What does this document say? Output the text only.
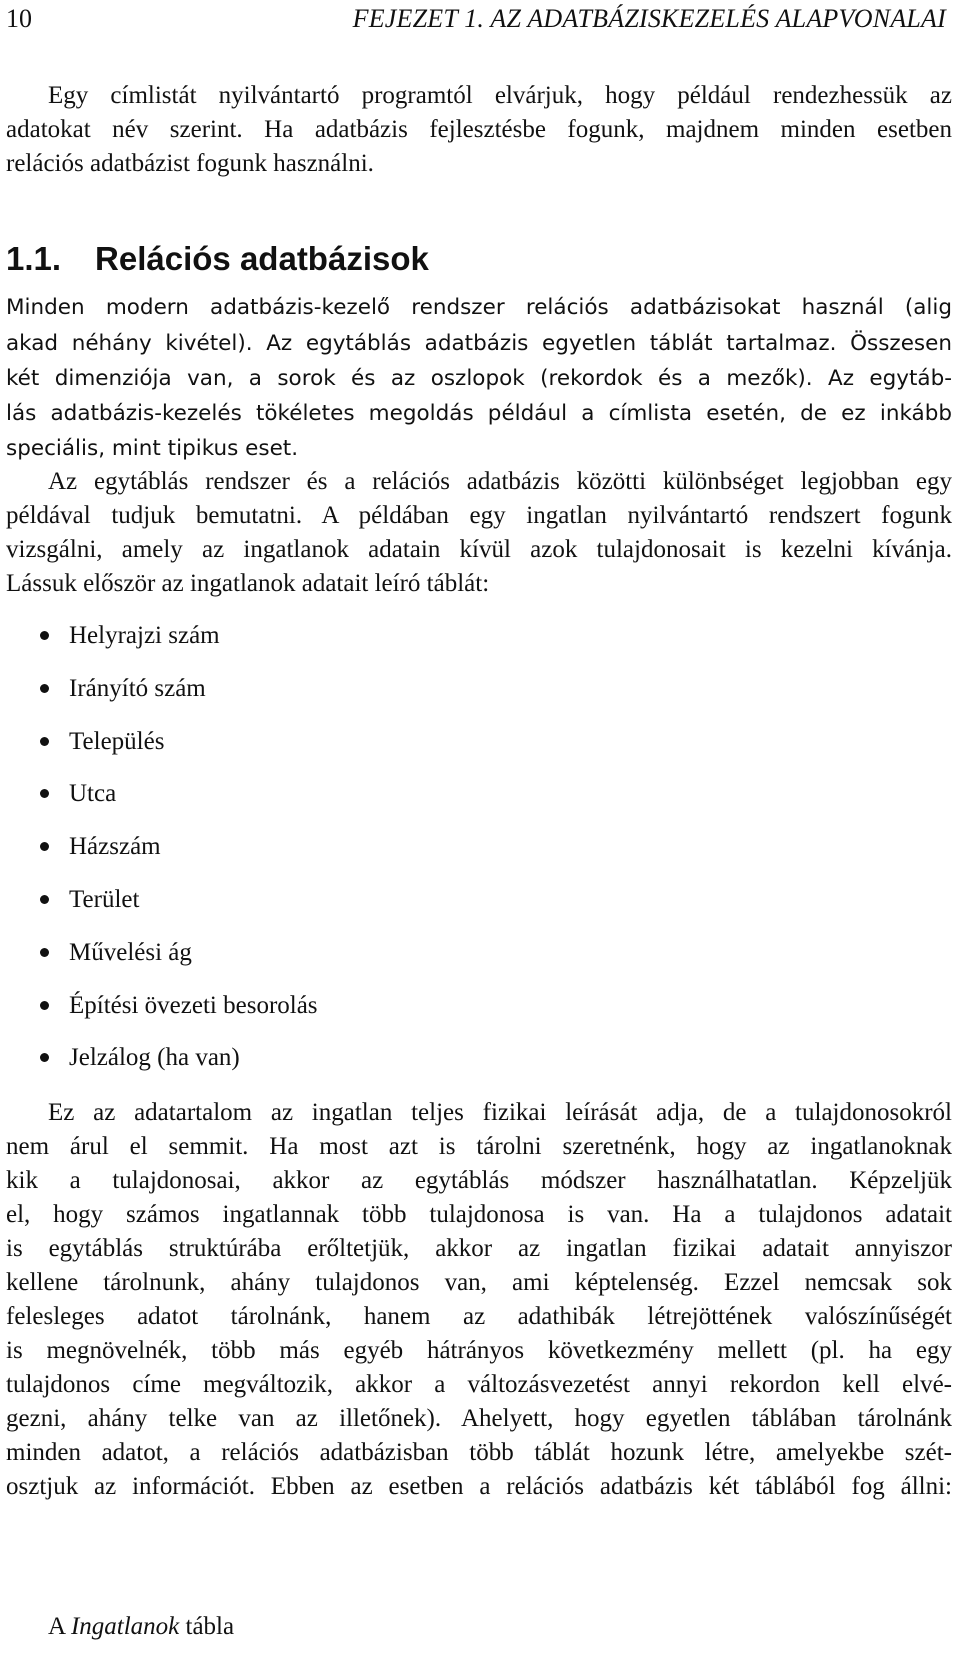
10	FEJEZET 1. AZ ADATBÁZISKEZELÉS ALAPVONALAI
Egy címlistát nyilvántartó programtól elvárjuk, hogy például rendezhessük az
adatokat név szerint. Ha adatbázis fejlesztésbe fogunk, majdnem minden esetben
relációs adatbázist fogunk használni.
1.1. Relációs adatbázisok
Minden modern adatbázis-kezelő rendszer relációs adatbázisokat használ (alig
akad néhány kivétel). Az egytáblás adatbázis egyetlen táblát tartalmaz. Összesen
két dimenziója van, a sorok és az oszlopok (rekordok és a mezők). Az egytáb-
lás adatbázis-kezelés tökéletes megoldás például a címlista esetén, de ez inkább
speciális, mint tipikus eset.
Az egytáblás rendszer és a relációs adatbázis közötti különbséget legjobban egy
példával tudjuk bemutatni. A példában egy ingatlan nyilvántartó rendszert fogunk
vizsgálni, amely az ingatlanok adatain kívül azok tulajdonosait is kezelni kívánja.
Lássuk először az ingatlanok adatait leíró táblát:
Helyrajzi szám
Irányító szám
Település
Utca
Házszám
Terület
Művelési ág
Építési övezeti besorolás
Jelzálog (ha van)
Ez az adatartalom az ingatlan teljes fizikai leírását adja, de a tulajdonosokról
nem árul el semmit. Ha most azt is tárolni szeretnénk, hogy az ingatlanoknak
kik a tulajdonosai, akkor az egytáblás módszer használhatatlan. Képzeljük
el, hogy számos ingatlannak több tulajdonosa is van. Ha a tulajdonos adatait
is egytáblás struktúrába erőltetjük, akkor az ingatlan fizikai adatait annyiszor
kellene tárolnunk, ahány tulajdonos van, ami képtelenség. Ezzel nemcsak sok
felesleges adatot tárolnánk, hanem az adathibák létrejöttének valószínűségét
is megnövelnék, több más egyéb hátrányos következmény mellett (pl. ha egy
tulajdonos címe megváltozik, akkor a változásvezetést annyi rekordon kell elvé-
gezni, ahány telke van az illetőnek). Ahelyett, hogy egyetlen táblában tárolnánk
minden adatot, a relációs adatbázisban több táblát hozunk létre, amelyekbe szét-
osztjuk az információt. Ebben az esetben a relációs adatbázis két táblából fog állni:
A Ingatlanok tábla
